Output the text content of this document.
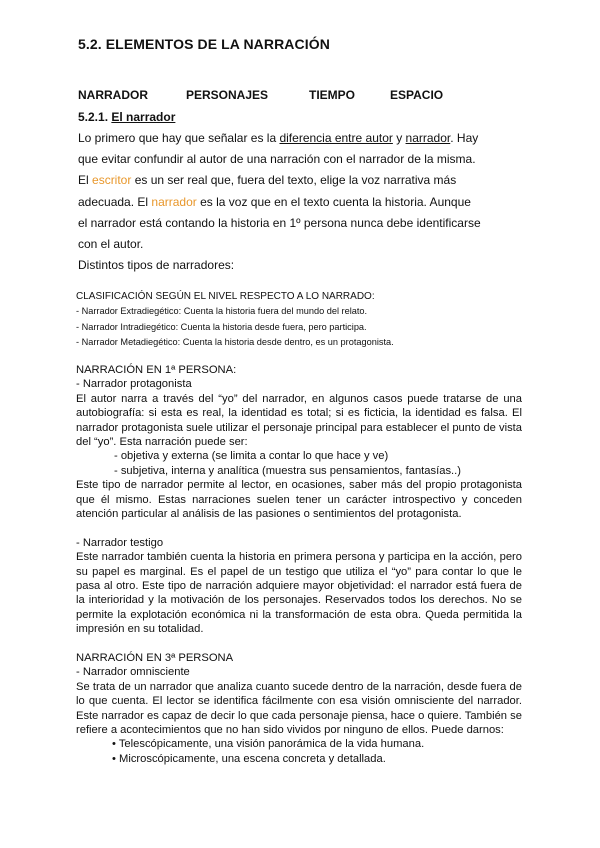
5.2. ELEMENTOS DE LA NARRACIÓN
NARRADOR	PERSONAJES	TIEMPO	ESPACIO
5.2.1. El narrador

Lo primero que hay que señalar es la diferencia entre autor y narrador. Hay

que evitar confundir al autor de una narración con el narrador de la misma.

El escritor es un ser real que, fuera del texto, elige la voz narrativa más

adecuada. El narrador es la voz que en el texto cuenta la historia. Aunque

el narrador está contando la historia en 1º persona nunca debe identificarse

con el autor.

Distintos tipos de narradores:
CLASIFICACIÓN SEGÚN EL NIVEL RESPECTO A LO NARRADO:
- Narrador Extradiegético: Cuenta la historia fuera del mundo del relato.
- Narrador Intradiegético: Cuenta la historia desde fuera, pero participa.
- Narrador Metadiegético: Cuenta la historia desde dentro, es un protagonista.

NARRACIÓN EN 1ª PERSONA:

- Narrador protagonista

El autor narra a través del “yo” del narrador, en algunos casos puede tratarse de una autobiografía: si esta es real, la identidad es total; si es ficticia, la identidad es falsa. El narrador protagonista suele utilizar el personaje principal para establecer el punto de vista del “yo”. Esta narración puede ser:

- objetiva y externa (se limita a contar lo que hace y ve)

- subjetiva, interna y analítica (muestra sus pensamientos, fantasías..)

Este tipo de narrador permite al lector, en ocasiones, saber más del propio protagonista que él mismo. Estas narraciones suelen tener un carácter introspectivo y conceden atención particular al análisis de las pasiones o sentimientos del protagonista.

- Narrador testigo

Este narrador también cuenta la historia en primera persona y participa en la acción, pero su papel es marginal. Es el papel de un testigo que utiliza el “yo” para contar lo que le pasa al otro. Este tipo de narración adquiere mayor objetividad: el narrador está fuera de la interioridad y la motivación de los personajes. Reservados todos los derechos. No se permite la explotación económica ni la transformación de esta obra. Queda permitida la impresión en su totalidad.

NARRACIÓN EN 3ª PERSONA

- Narrador omnisciente

Se trata de un narrador que analiza cuanto sucede dentro de la narración, desde fuera de lo que cuenta. El lector se identifica fácilmente con esa visión omnisciente del narrador. Este narrador es capaz de decir lo que cada personaje piensa, hace o quiere. También se refiere a acontecimientos que no han sido vividos por ninguno de ellos. Puede darnos:

• Telescópicamente, una visión panorámica de la vida humana.

• Microscópicamente, una escena concreta y detallada.
